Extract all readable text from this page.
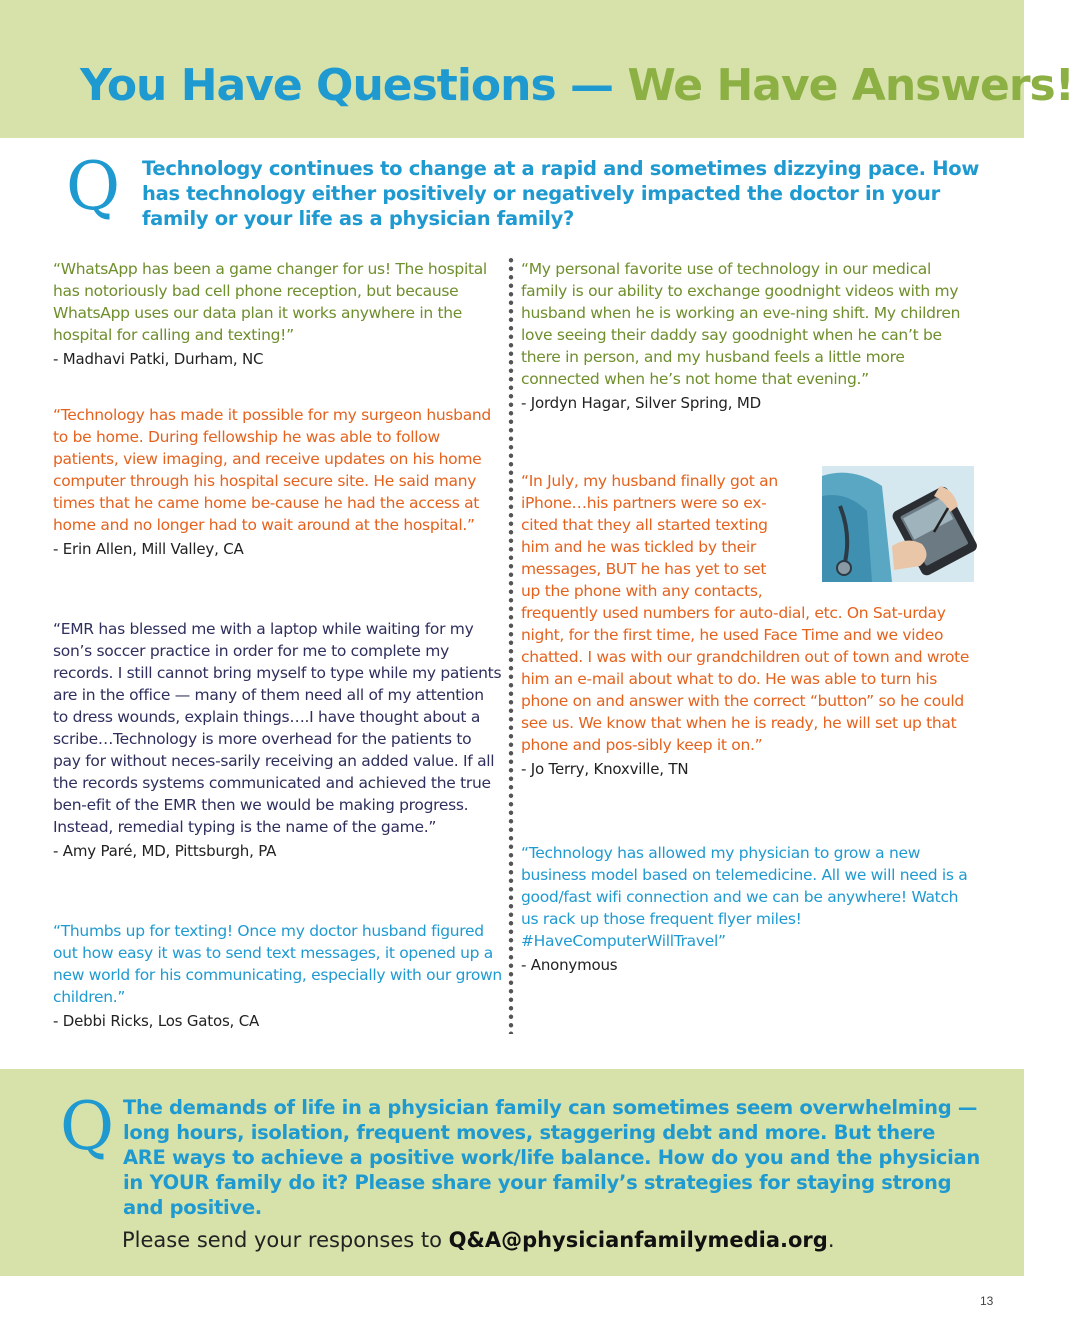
You Have Questions — We Have Answers!
Q Technology continues to change at a rapid and sometimes dizzying pace. How has technology either positively or negatively impacted the doctor in your family or your life as a physician family?
“WhatsApp has been a game changer for us! The hospital has notoriously bad cell phone reception, but because WhatsApp uses our data plan it works anywhere in the hospital for calling and texting!”
- Madhavi Patki, Durham, NC
“Technology has made it possible for my surgeon husband to be home. During fellowship he was able to follow patients, view imaging, and receive updates on his home computer through his hospital secure site. He said many times that he came home be-cause he had the access at home and no longer had to wait around at the hospital.”
- Erin Allen, Mill Valley, CA
“EMR has blessed me with a laptop while waiting for my son’s soccer practice in order for me to complete my records. I still cannot bring myself to type while my patients are in the office — many of them need all of my attention to dress wounds, explain things….I have thought about a scribe…Technology is more overhead for the patients to pay for without neces-sarily receiving an added value. If all the records systems communicated and achieved the true ben-efit of the EMR then we would be making progress. Instead, remedial typing is the name of the game.”
- Amy Paré, MD, Pittsburgh, PA
“Thumbs up for texting! Once my doctor husband figured out how easy it was to send text messages, it opened up a new world for his communicating, especially with our grown children.”
- Debbi Ricks, Los Gatos, CA
“My personal favorite use of technology in our medical family is our ability to exchange goodnight videos with my husband when he is working an eve-ning shift. My children love seeing their daddy say goodnight when he can’t be there in person, and my husband feels a little more connected when he’s not home that evening.”
- Jordyn Hagar, Silver Spring, MD
“In July, my husband finally got an
iPhone…his partners were so ex-
cited that they all started texting
him and he was tickled by their
messages, BUT he has yet to set
up the phone with any contacts,
frequently used numbers for auto-dial, etc. On Sat-urday night, for the first time, he used Face Time and we video chatted. I was with our grandchildren out of town and wrote him an e-mail about what to do. He was able to turn his phone on and answer with the correct “button” so he could see us. We know that when he is ready, he will set up that phone and pos-sibly keep it on.”
- Jo Terry, Knoxville, TN
“Technology has allowed my physician to grow a new business model based on telemedicine. All we will need is a good/fast wifi connection and we can be anywhere! Watch us rack up those frequent flyer miles! #HaveComputerWillTravel”
- Anonymous
Q The demands of life in a physician family can sometimes seem overwhelming — long hours, isolation, frequent moves, staggering debt and more. But there ARE ways to achieve a positive work/life balance. How do you and the physician in YOUR family do it? Please share your family’s strategies for staying strong and positive.
Please send your responses to Q&A@physicianfamilymedia.org.
13
